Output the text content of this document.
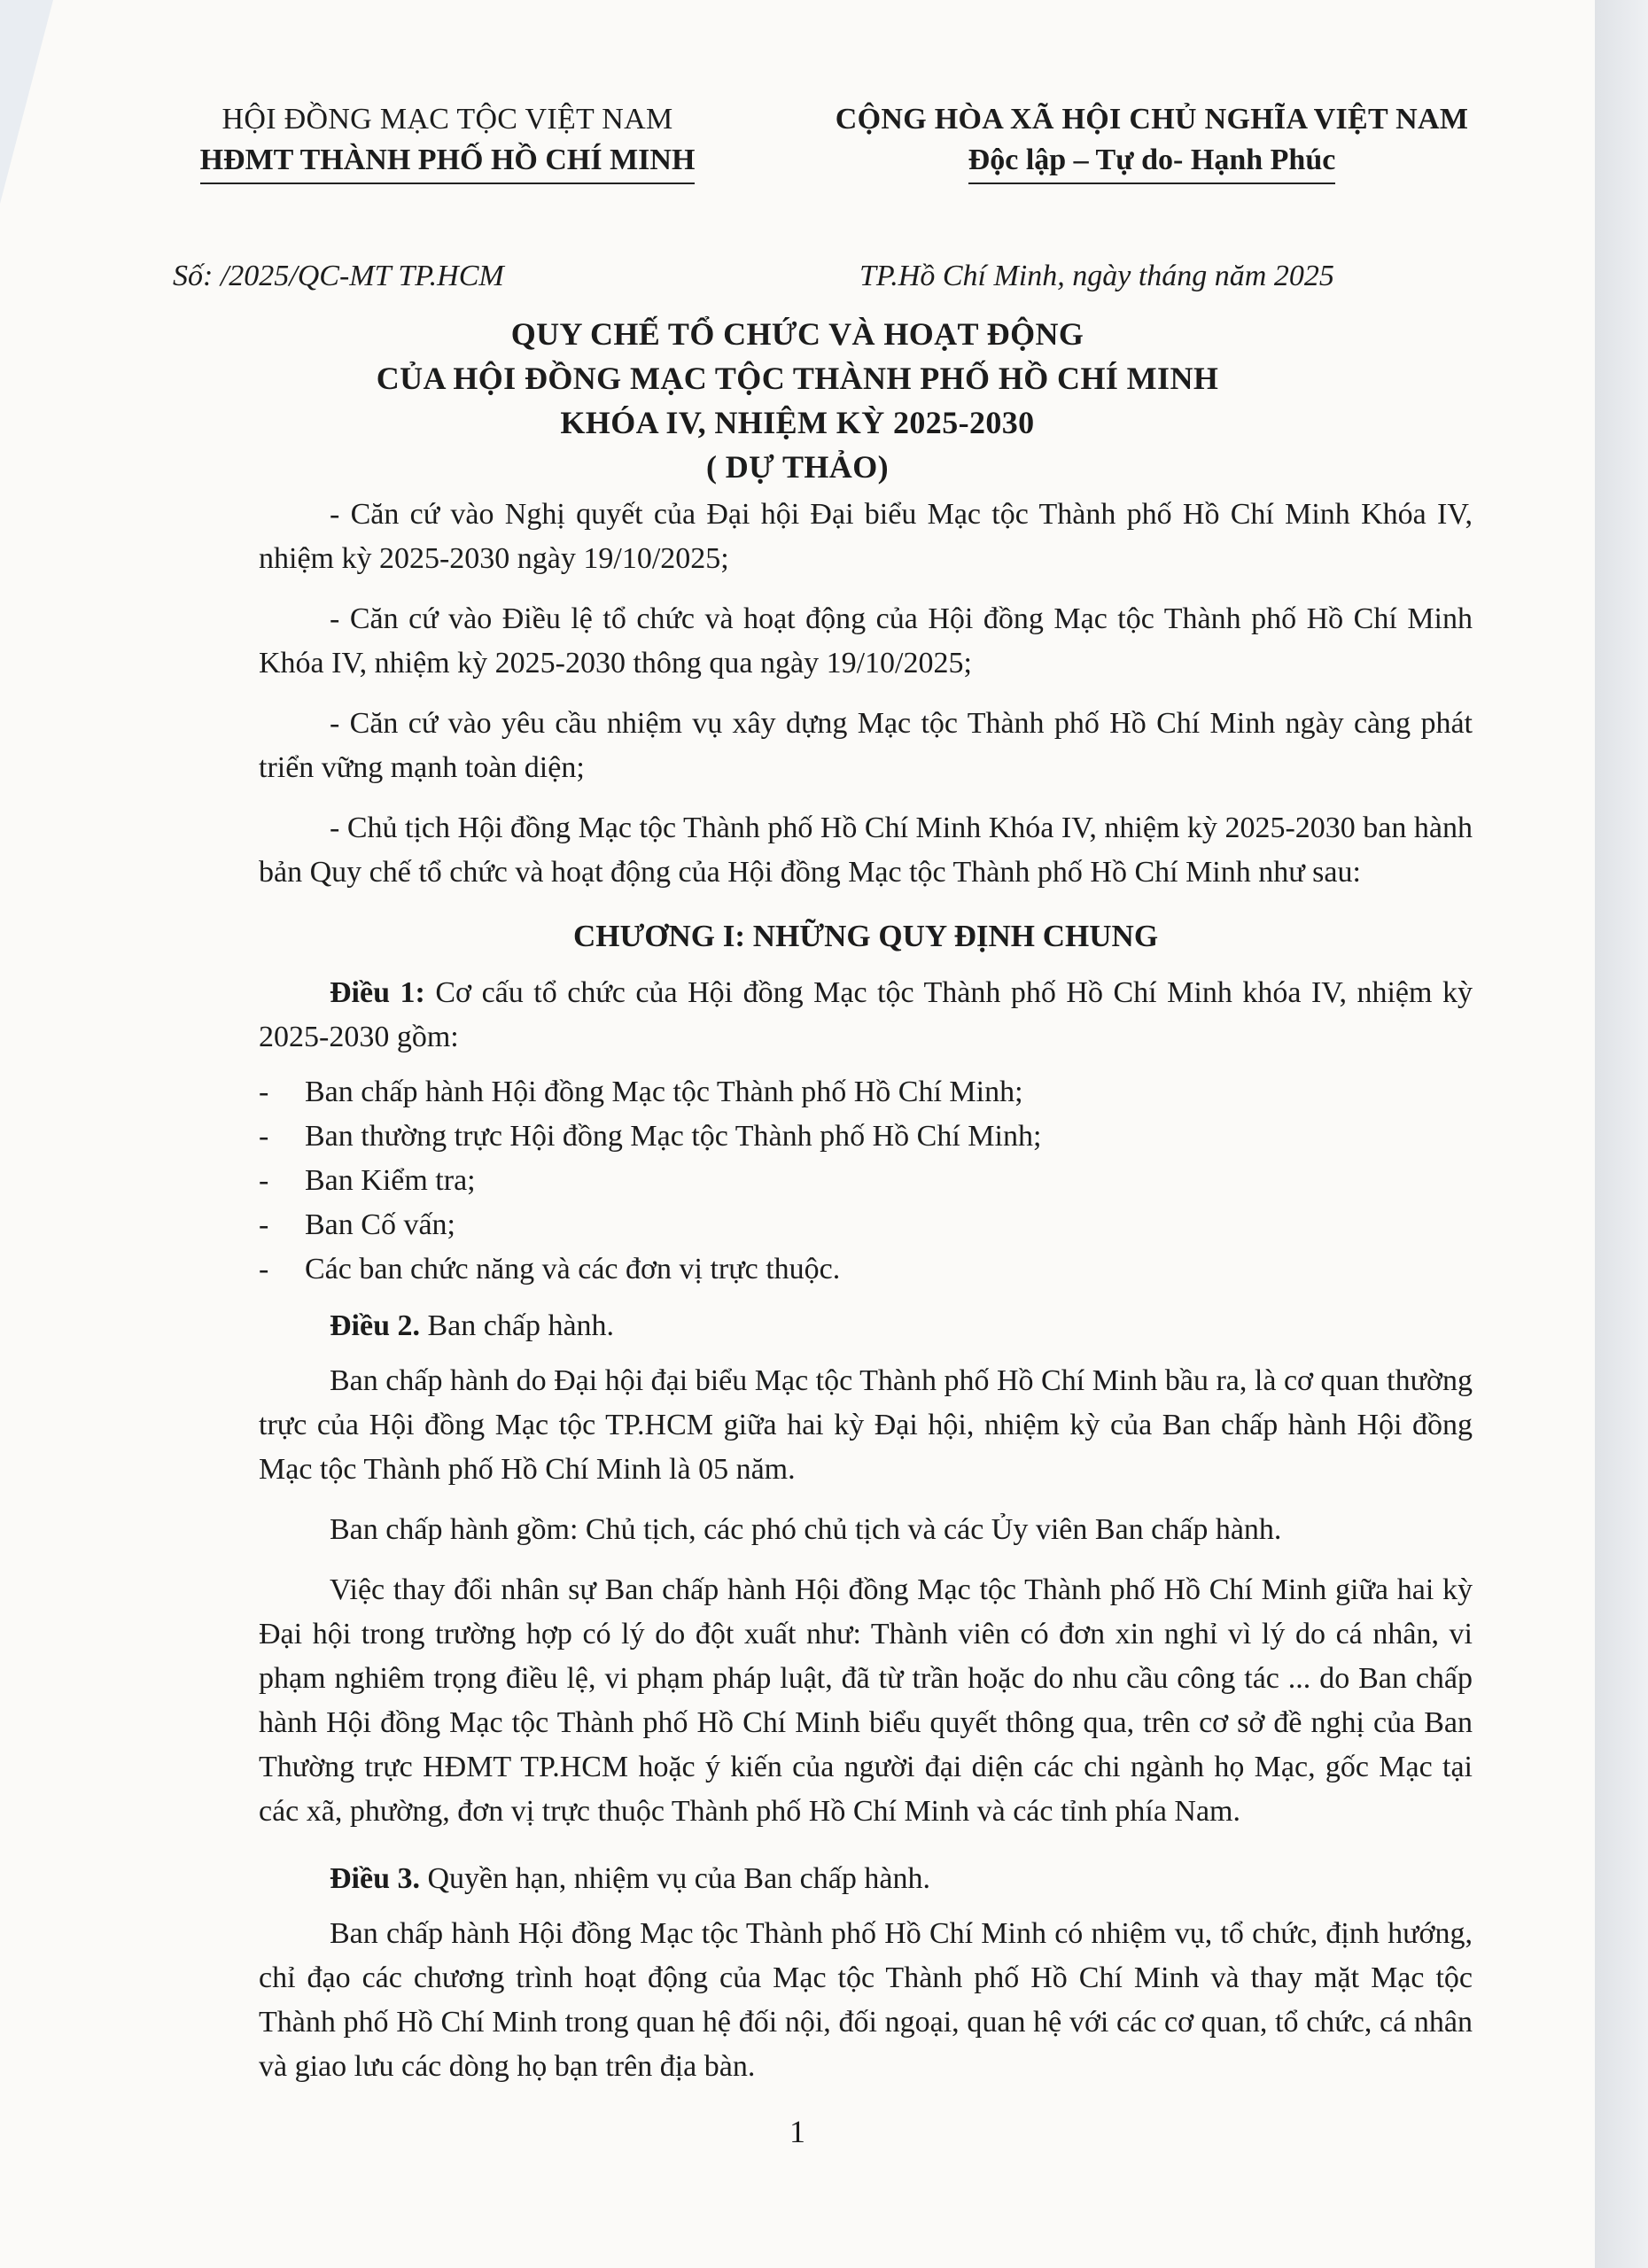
HỘI ĐỒNG MẠC TỘC VIỆT NAM
HĐMT THÀNH PHỐ HỒ CHÍ MINH
CỘNG HÒA XÃ HỘI CHỦ NGHĨA VIỆT NAM
Độc lập – Tự do- Hạnh Phúc
Số: /2025/QC-MT TP.HCM	TP.Hồ Chí Minh, ngày tháng năm 2025
QUY CHẾ TỔ CHỨC VÀ HOẠT ĐỘNG
CỦA HỘI ĐỒNG MẠC TỘC THÀNH PHỐ HỒ CHÍ MINH
KHÓA IV, NHIỆM KỲ 2025-2030
( DỰ THẢO)

- Căn cứ vào Nghị quyết của Đại hội Đại biểu Mạc tộc Thành phố Hồ Chí Minh Khóa IV, nhiệm kỳ 2025-2030 ngày 19/10/2025;

- Căn cứ vào Điều lệ tổ chức và hoạt động của Hội đồng Mạc tộc Thành phố Hồ Chí Minh Khóa IV, nhiệm kỳ 2025-2030 thông qua ngày 19/10/2025;

- Căn cứ vào yêu cầu nhiệm vụ xây dựng Mạc tộc Thành phố Hồ Chí Minh ngày càng phát triển vững mạnh toàn diện;

- Chủ tịch Hội đồng Mạc tộc Thành phố Hồ Chí Minh Khóa IV, nhiệm kỳ 2025-2030 ban hành bản Quy chế tổ chức và hoạt động của Hội đồng Mạc tộc Thành phố Hồ Chí Minh như sau:

CHƯƠNG I: NHỮNG QUY ĐỊNH CHUNG

Điều 1: Cơ cấu tổ chức của Hội đồng Mạc tộc Thành phố Hồ Chí Minh khóa IV, nhiệm kỳ 2025-2030 gồm:

- Ban chấp hành Hội đồng Mạc tộc Thành phố Hồ Chí Minh;
- Ban thường trực Hội đồng Mạc tộc Thành phố Hồ Chí Minh;
- Ban Kiểm tra;
- Ban Cố vấn;
- Các ban chức năng và các đơn vị trực thuộc.

Điều 2. Ban chấp hành.

Ban chấp hành do Đại hội đại biểu Mạc tộc Thành phố Hồ Chí Minh bầu ra, là cơ quan thường trực của Hội đồng Mạc tộc TP.HCM giữa hai kỳ Đại hội, nhiệm kỳ của Ban chấp hành Hội đồng Mạc tộc Thành phố Hồ Chí Minh là 05 năm.

Ban chấp hành gồm: Chủ tịch, các phó chủ tịch và các Ủy viên Ban chấp hành.

Việc thay đổi nhân sự Ban chấp hành Hội đồng Mạc tộc Thành phố Hồ Chí Minh giữa hai kỳ Đại hội trong trường hợp có lý do đột xuất như: Thành viên có đơn xin nghỉ vì lý do cá nhân, vi phạm nghiêm trọng điều lệ, vi phạm pháp luật, đã từ trần hoặc do nhu cầu công tác ... do Ban chấp hành Hội đồng Mạc tộc Thành phố Hồ Chí Minh biểu quyết thông qua, trên cơ sở đề nghị của Ban Thường trực HĐMT TP.HCM hoặc ý kiến của người đại diện các chi ngành họ Mạc, gốc Mạc tại các xã, phường, đơn vị trực thuộc Thành phố Hồ Chí Minh và các tỉnh phía Nam.

Điều 3. Quyền hạn, nhiệm vụ của Ban chấp hành.

Ban chấp hành Hội đồng Mạc tộc Thành phố Hồ Chí Minh có nhiệm vụ, tổ chức, định hướng, chỉ đạo các chương trình hoạt động của Mạc tộc Thành phố Hồ Chí Minh và thay mặt Mạc tộc Thành phố Hồ Chí Minh trong quan hệ đối nội, đối ngoại, quan hệ với các cơ quan, tổ chức, cá nhân và giao lưu các dòng họ bạn trên địa bàn.

1
